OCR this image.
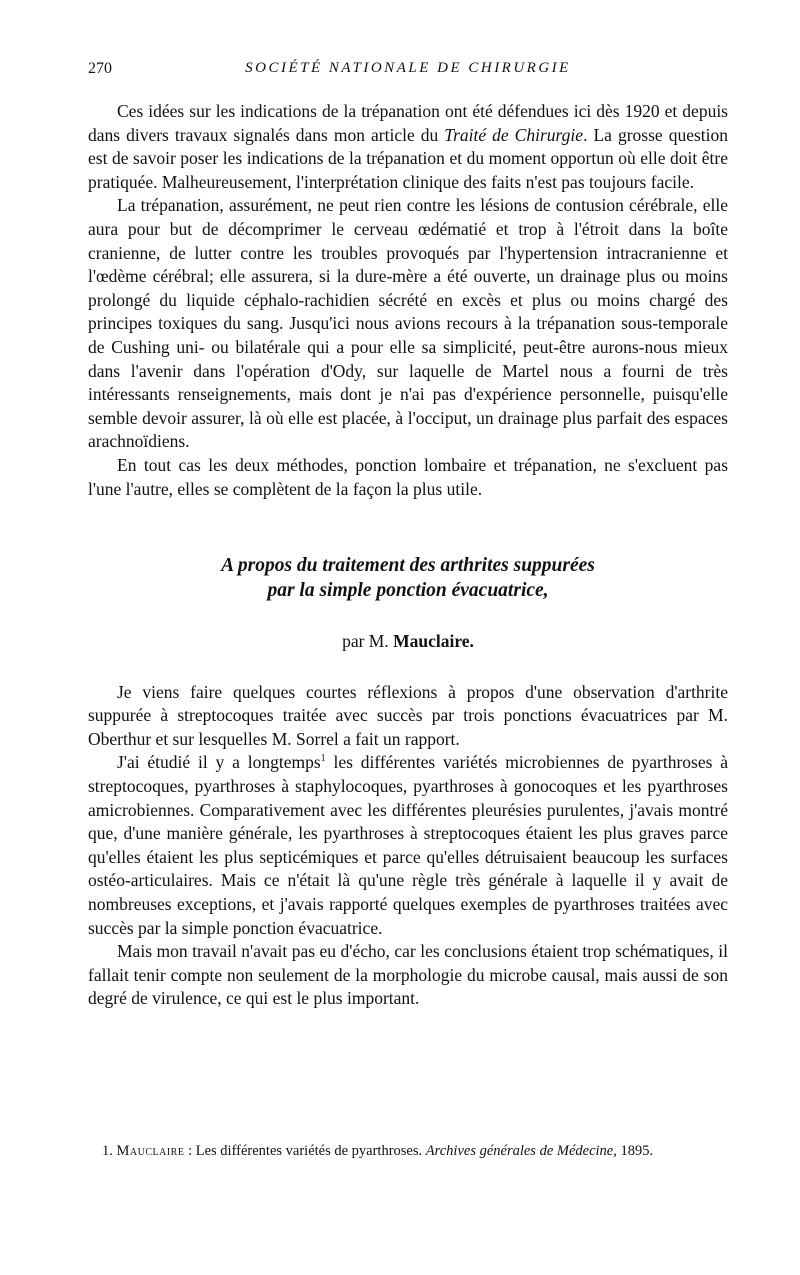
270	SOCIÉTÉ NATIONALE DE CHIRURGIE

Ces idées sur les indications de la trépanation ont été défendues ici dès 1920 et depuis dans divers travaux signalés dans mon article du Traité de Chirurgie. La grosse question est de savoir poser les indications de la trépanation et du moment opportun où elle doit être pratiquée. Malheureusement, l'interprétation clinique des faits n'est pas toujours facile.

La trépanation, assurément, ne peut rien contre les lésions de contusion cérébrale, elle aura pour but de décomprimer le cerveau œdématié et trop à l'étroit dans la boîte cranienne, de lutter contre les troubles provoqués par l'hypertension intracranienne et l'œdème cérébral; elle assurera, si la dure-mère a été ouverte, un drainage plus ou moins prolongé du liquide céphalo-rachidien sécrété en excès et plus ou moins chargé des principes toxiques du sang. Jusqu'ici nous avions recours à la trépanation sous-temporale de Cushing uni- ou bilatérale qui a pour elle sa simplicité, peut-être aurons-nous mieux dans l'avenir dans l'opération d'Ody, sur laquelle de Martel nous a fourni de très intéressants renseignements, mais dont je n'ai pas d'expérience personnelle, puisqu'elle semble devoir assurer, là où elle est placée, à l'occiput, un drainage plus parfait des espaces arachnoïdiens.

En tout cas les deux méthodes, ponction lombaire et trépanation, ne s'excluent pas l'une l'autre, elles se complètent de la façon la plus utile.

A propos du traitement des arthrites suppurées
par la simple ponction évacuatrice,
par M. Mauclaire.

Je viens faire quelques courtes réflexions à propos d'une observation d'arthrite suppurée à streptocoques traitée avec succès par trois ponctions évacuatrices par M. Oberthur et sur lesquelles M. Sorrel a fait un rapport.

J'ai étudié il y a longtemps$^1$ les différentes variétés microbiennes de pyarthroses à streptocoques, pyarthroses à staphylocoques, pyarthroses à gonocoques et les pyarthroses amicrobiennes. Comparativement avec les différentes pleurésies purulentes, j'avais montré que, d'une manière générale, les pyarthroses à streptocoques étaient les plus graves parce qu'elles étaient les plus septicémiques et parce qu'elles détruisaient beaucoup les surfaces ostéo-articulaires. Mais ce n'était là qu'une règle très générale à laquelle il y avait de nombreuses exceptions, et j'avais rapporté quelques exemples de pyarthroses traitées avec succès par la simple ponction évacuatrice.

Mais mon travail n'avait pas eu d'écho, car les conclusions étaient trop schématiques, il fallait tenir compte non seulement de la morphologie du microbe causal, mais aussi de son degré de virulence, ce qui est le plus important.

1. Mauclaire : Les différentes variétés de pyarthroses. Archives générales de Médecine, 1895.
